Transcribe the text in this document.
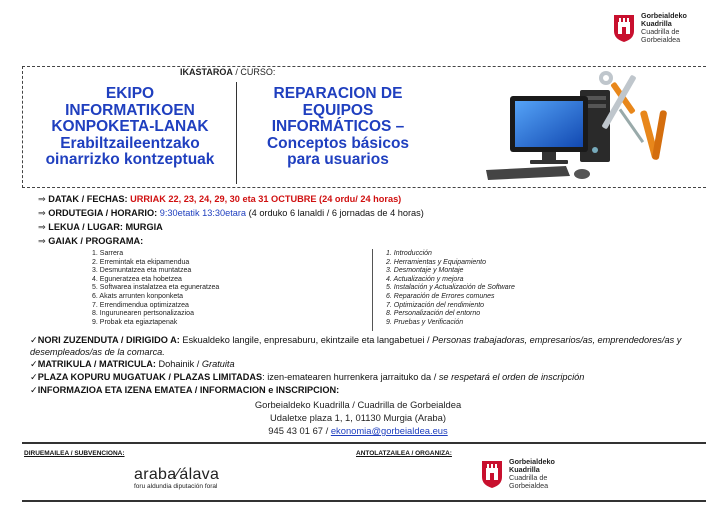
Gorbeialdeko
Kuadrilla
Cuadrilla de
Gorbeialdea
IKASTAROA / CURSO:
EKIPO
INFORMATIKOEN
KONPOKETA-LANAK
Erabiltzaileentzako
oinarrizko kontzeptuak
REPARACION DE
EQUIPOS
INFORMÁTICOS –
Conceptos básicos
para usuarios
⇒ DATAK / FECHAS: URRIAK 22, 23, 24, 29, 30 eta 31 OCTUBRE (24 ordu/ 24 horas)
⇒ ORDUTEGIA / HORARIO: 9:30etatik 13:30etara (4 orduko 6 lanaldi / 6 jornadas de 4 horas)
⇒ LEKUA / LUGAR: MURGIA
⇒ GAIAK / PROGRAMA:
1. Sarrera
2. Erremintak eta ekipamendua
3. Desmuntatzea eta muntatzea
4. Eguneratzea eta hobetzea
5. Softwarea instalatzea eta eguneratzea
6. Akats arrunten konponketa
7. Errendimendua optimizatzea
8. Ingurunearen pertsonalizazioa
9. Probak eta egiaztapenak
1. Introducción
2. Herramientas y Equipamiento
3. Desmontaje y Montaje
4. Actualización y mejora
5. Instalación y Actualización de Software
6. Reparación de Errores comunes
7. Optimización del rendimiento
8. Personalización del entorno
9. Pruebas y Verificación
✓NORI ZUZENDUTA / DIRIGIDO A: Eskualdeko langile, enpresaburu, ekintzaile eta langabetuei / Personas trabajadoras, empresarios/as, emprendedores/as y desempleados/as de la comarca.
✓MATRIKULA / MATRICULA: Dohainik / Gratuita
✓PLAZA KOPURU MUGATUAK / PLAZAS LIMITADAS: izen-ematearen hurrenkera jarraituko da / se respetará el orden de inscripción
✓INFORMAZIOA ETA IZENA EMATEA / INFORMACION e INSCRIPCION:
Gorbeialdeko Kuadrilla / Cuadrilla de Gorbeialdea
Udaletxe plaza 1, 1, 01130 Murgia (Araba)
945 43 01 67 / ekonomia@gorbeialdea.eus
DIRUEMAILEA / SUBVENCIONA:	ANTOLATZAILEA / ORGANIZA:
araba⁄álava
foru aldundia diputación foral
Gorbeialdeko
Kuadrilla
Cuadrilla de
Gorbeialdea
